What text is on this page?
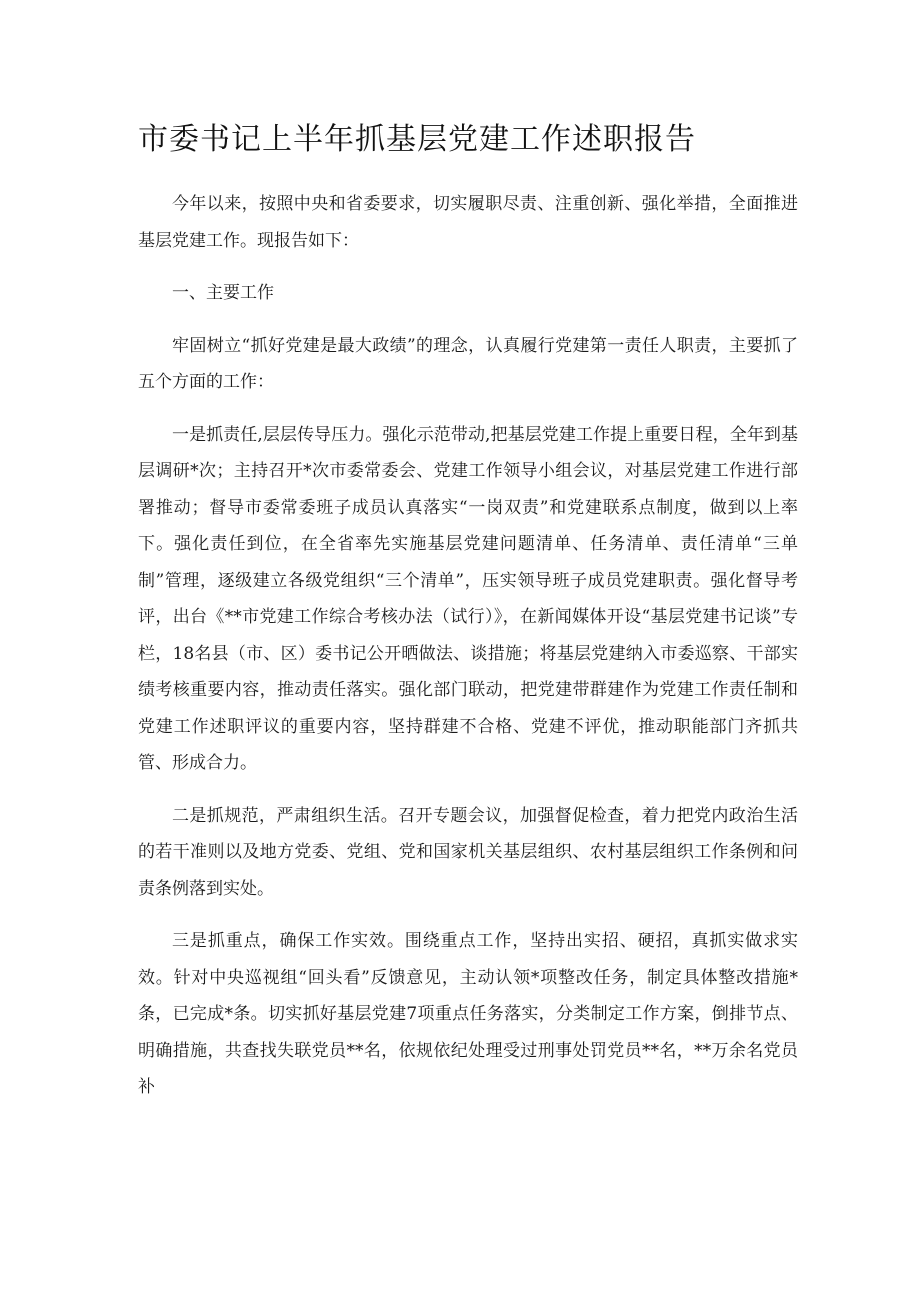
市委书记上半年抓基层党建工作述职报告

今年以来，按照中央和省委要求，切实履职尽责、注重创新、强化举措，全面推进基层党建工作。现报告如下：

一、主要工作

牢固树立“抓好党建是最大政绩”的理念，认真履行党建第一责任人职责，主要抓了五个方面的工作：

一是抓责任,层层传导压力。强化示范带动,把基层党建工作提上重要日程，全年到基层调研*次；主持召开*次市委常委会、党建工作领导小组会议，对基层党建工作进行部署推动；督导市委常委班子成员认真落实“一岗双责”和党建联系点制度，做到以上率下。强化责任到位，在全省率先实施基层党建问题清单、任务清单、责任清单“三单制”管理，逐级建立各级党组织“三个清单”，压实领导班子成员党建职责。强化督导考评，出台《**市党建工作综合考核办法（试行）》，在新闻媒体开设“基层党建书记谈”专栏，18名县（市、区）委书记公开晒做法、谈措施；将基层党建纳入市委巡察、干部实绩考核重要内容，推动责任落实。强化部门联动，把党建带群建作为党建工作责任制和党建工作述职评议的重要内容，坚持群建不合格、党建不评优，推动职能部门齐抓共管、形成合力。

二是抓规范，严肃组织生活。召开专题会议，加强督促检查，着力把党内政治生活的若干准则以及地方党委、党组、党和国家机关基层组织、农村基层组织工作条例和问责条例落到实处。

三是抓重点，确保工作实效。围绕重点工作，坚持出实招、硬招，真抓实做求实效。针对中央巡视组“回头看”反馈意见，主动认领*项整改任务，制定具体整改措施*条，已完成*条。切实抓好基层党建7项重点任务落实，分类制定工作方案，倒排节点、明确措施，共查找失联党员**名，依规依纪处理受过刑事处罚党员**名，**万余名党员补
